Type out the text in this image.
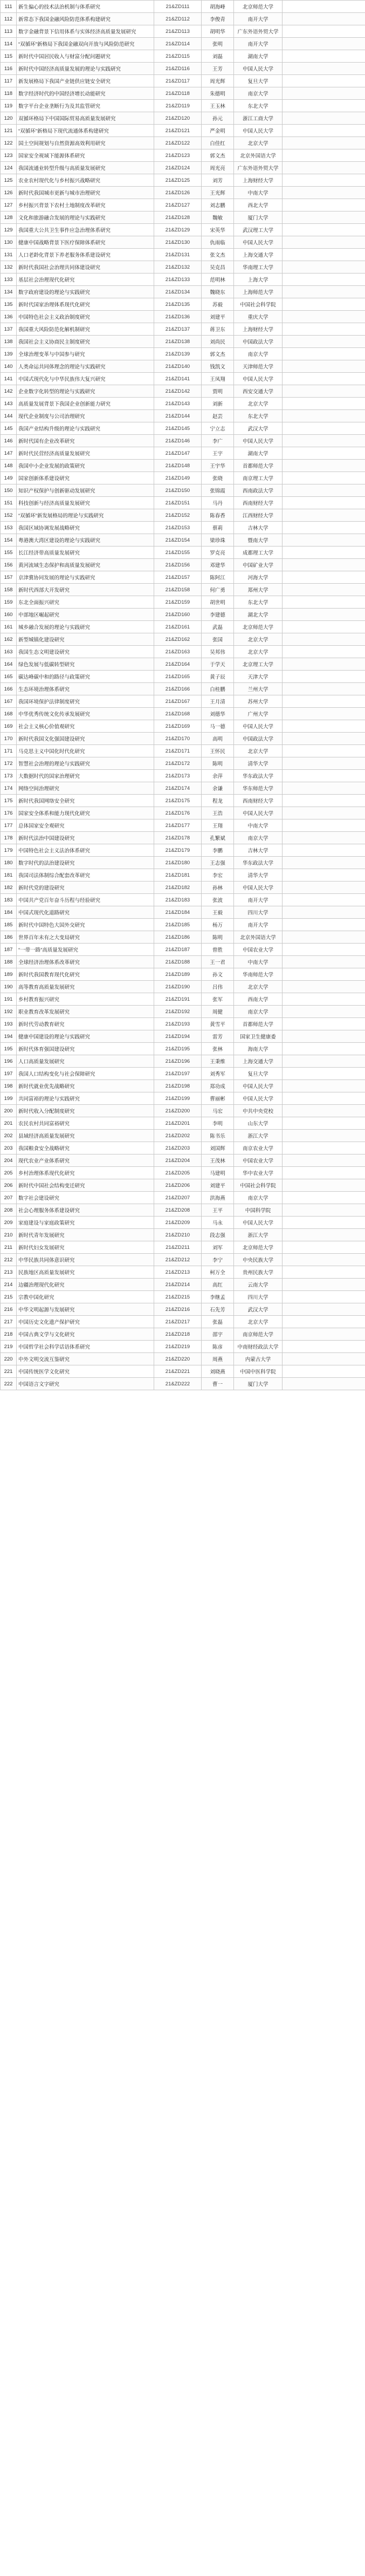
111	新生偏心的技术法治机制与体系研究	21&ZD111	胡海峰	北京师范大学	
112	新常态下我国金融风险防范体系构建研究	21&ZD112	李俊青	南开大学	
113	数字金融背景下信用体系与实体经济高质量发展研究	21&ZD113	胡明华	广东外语外贸大学	
114	“双循环”新格局下我国金融双向开放与风险防范研究	21&ZD114	张明	南开大学	
115	新时代中国居民收入与财富分配问题研究	21&ZD115	刘磊	湖南大学	
116	新时代中国经济高质量发展的理论与实践研究	21&ZD116	王芳	中国人民大学	
117	新发展格局下我国产业链供应链安全研究	21&ZD117	周光辉	复旦大学	
118	数字经济时代的中国经济增长动能研究	21&ZD118	朱德明	南京大学	
119	数字平台企业垄断行为及其监管研究	21&ZD119	王玉林	东北大学	
120	双循环格局下中国国际贸易高质量发展研究	21&ZD120	孙元	浙江工商大学	
121	“双循环”新格局下现代流通体系构建研究	21&ZD121	严金明	中国人民大学	
122	国土空间规划与自然资源高效利用研究	21&ZD122	白佳红	北京大学	
123	国家安全视域下能源体系研究	21&ZD123	郭文杰	北京外国语大学	
124	我国流通业转型升级与高质量发展研究	21&ZD124	周光亮	广东外语外贸大学	
125	农业农村现代化与乡村振兴战略研究	21&ZD125	刘芳	上海财经大学	
126	新时代我国城市更新与城市治理研究	21&ZD126	王光辉	中南大学	
127	乡村振兴背景下农村土地制度改革研究	21&ZD127	刘志鹏	西北大学	
128	文化和旅游融合发展的理论与实践研究	21&ZD128	魏敏	厦门大学	
129	我国重大公共卫生事件应急治理体系研究	21&ZD129	宋英华	武汉理工大学	
130	健康中国战略背景下医疗保障体系研究	21&ZD130	仇雨临	中国人民大学	
131	人口老龄化背景下养老服务体系建设研究	21&ZD131	张文杰	上海交通大学	
132	新时代我国社会治理共同体建设研究	21&ZD132	吴克昌	华南理工大学	
133	基层社会治理现代化研究	21&ZD133	范明林	上海大学	
134	数字政府建设的理论与实践研究	21&ZD134	魏晓东	上海师范大学	
135	新时代国家治理体系现代化研究	21&ZD135	苏毅	中国社会科学院	
136	中国特色社会主义政治制度研究	21&ZD136	刘建平	重庆大学	
137	我国重大风险防范化解机制研究	21&ZD137	蒋卫东	上海财经大学	
138	我国社会主义协商民主制度研究	21&ZD138	刘尚民	中国政法大学	
139	全球治理变革与中国参与研究	21&ZD139	郭文杰	南京大学	
140	人类命运共同体理念的理论与实践研究	21&ZD140	钱凯文	天津师范大学	
141	中国式现代化与中华民族伟大复兴研究	21&ZD141	王凤翔	中国人民大学	
142	企业数字化转型的理论与实践研究	21&ZD142	贾明	西安交通大学	
143	高质量发展背景下我国企业创新能力研究	21&ZD143	刘新	北京大学	
144	现代企业制度与公司治理研究	21&ZD144	赵芸	东北大学	
145	我国产业结构升级的理论与实践研究	21&ZD145	宁立志	武汉大学	
146	新时代国有企业改革研究	21&ZD146	李广	中国人民大学	
147	新时代民营经济高质量发展研究	21&ZD147	王宇	湖南大学	
148	我国中小企业发展的政策研究	21&ZD148	王宇华	首都师范大学	
149	国家创新体系建设研究	21&ZD149	张晓	南京理工大学	
150	知识产权保护与创新驱动发展研究	21&ZD150	张锦霞	西南政法大学	
151	科技创新与经济高质量发展研究	21&ZD151	马丹	西南财经大学	
152	“双循环”新发展格局的理论与实践研究	21&ZD152	陈春香	江西财经大学	
153	我国区域协调发展战略研究	21&ZD153	蔡莉	吉林大学	
154	粤港澳大湾区建设的理论与实践研究	21&ZD154	梁珍珠	暨南大学	
155	长江经济带高质量发展研究	21&ZD155	罗克亮	成都理工大学	
156	黄河流域生态保护和高质量发展研究	21&ZD156	邓建华	中国矿业大学	
157	京津冀协同发展的理论与实践研究	21&ZD157	陈阿江	河海大学	
158	新时代西部大开发研究	21&ZD158	何广勇	郑州大学	
159	东北全面振兴研究	21&ZD159	胡世明	东北大学	
160	中部地区崛起研究	21&ZD160	李建德	湖北大学	
161	城乡融合发展的理论与实践研究	21&ZD161	武磊	北京师范大学	
162	新型城镇化建设研究	21&ZD162	张国	北京大学	
163	我国生态文明建设研究	21&ZD163	吴邦伟	北京大学	
164	绿色发展与低碳转型研究	21&ZD164	于学天	北京理工大学	
165	碳达峰碳中和的路径与政策研究	21&ZD165	黄子辰	天津大学	
166	生态环境治理体系研究	21&ZD166	白桂鹏	兰州大学	
167	我国环境保护法律制度研究	21&ZD167	王月清	苏州大学	
168	中华优秀传统文化传承发展研究	21&ZD168	刘德华	广州大学	
169	社会主义核心价值观研究	21&ZD169	马一德	中国人民大学	
170	新时代我国文化强国建设研究	21&ZD170	高明	中国政法大学	
171	马克思主义中国化时代化研究	21&ZD171	王怀民	北京大学	
172	智慧社会治理的理论与实践研究	21&ZD172	陈明	清华大学	
173	大数据时代的国家治理研究	21&ZD173	余萍	华东政法大学	
174	网络空间治理研究	21&ZD174	余谦	华东师范大学	
175	新时代我国网络安全研究	21&ZD175	程龙	西南财经大学	
176	国家安全体系和能力现代化研究	21&ZD176	王浩	中国人民大学	
177	总体国家安全观研究	21&ZD177	王翔	中南大学	
178	新时代法治中国建设研究	21&ZD178	孔繁斌	南京大学	
179	中国特色社会主义法治体系研究	21&ZD179	李鹏	吉林大学	
180	数字时代的法治建设研究	21&ZD180	王志强	华东政法大学	
181	我国司法体制综合配套改革研究	21&ZD181	李宏	清华大学	
182	新时代党的建设研究	21&ZD182	孙林	中国人民大学	
183	中国共产党百年奋斗历程与经验研究	21&ZD183	张波	南开大学	
184	中国式现代化道路研究	21&ZD184	王毅	四川大学	
185	新时代中国特色大国外交研究	21&ZD185	杨万	南开大学	
186	世界百年未有之大变局研究	21&ZD186	陈明	北京外国语大学	
187	“一带一路”高质量发展研究	21&ZD187	曾胜	中国农业大学	
188	全球经济治理体系改革研究	21&ZD188	王一君	中南大学	
189	新时代我国教育现代化研究	21&ZD189	孙文	华南师范大学	
190	高等教育高质量发展研究	21&ZD190	吕伟	北京大学	
191	乡村教育振兴研究	21&ZD191	张军	西南大学	
192	职业教育改革发展研究	21&ZD192	周健	南京大学	
193	新时代劳动教育研究	21&ZD193	黄雪平	首都师范大学	
194	健康中国建设的理论与实践研究	21&ZD194	雷芳	国家卫生健康委	
195	新时代体育强国建设研究	21&ZD195	张林	海南大学	
196	人口高质量发展研究	21&ZD196	王秉维	上海交通大学	
197	我国人口结构变化与社会保障研究	21&ZD197	刘秀军	复旦大学	
198	新时代就业优先战略研究	21&ZD198	郑功成	中国人民大学	
199	共同富裕的理论与实践研究	21&ZD199	曹丽彬	中国人民大学	
200	新时代收入分配制度研究	21&ZD200	马宏	中共中央党校	
201	农民农村共同富裕研究	21&ZD201	李明	山东大学	
202	县域经济高质量发展研究	21&ZD202	陈书乐	浙江大学	
203	我国粮食安全战略研究	21&ZD203	刘国辉	南京农业大学	
204	现代农业产业体系研究	21&ZD204	王茂林	中国农业大学	
205	乡村治理体系现代化研究	21&ZD205	马建明	华中农业大学	
206	新时代中国社会结构变迁研究	21&ZD206	刘建平	中国社会科学院	
207	数字社会建设研究	21&ZD207	洪海燕	南京大学	
208	社会心理服务体系建设研究	21&ZD208	王平	中国科学院	
209	家庭建设与家庭政策研究	21&ZD209	马永	中国人民大学	
210	新时代青年发展研究	21&ZD210	段志强	浙江大学	
211	新时代妇女发展研究	21&ZD211	刘军	北京师范大学	
212	中华民族共同体意识研究	21&ZD212	李宁	中央民族大学	
213	民族地区高质量发展研究	21&ZD213	柯万全	贵州民族大学	
214	边疆治理现代化研究	21&ZD214	高红	云南大学	
215	宗教中国化研究	21&ZD215	李继孟	四川大学	
216	中华文明起源与发展研究	21&ZD216	石先芳	武汉大学	
217	中国历史文化遗产保护研究	21&ZD217	张磊	北京大学	
218	中国古典文学与文化研究	21&ZD218	邵宇	南京师范大学	
219	中国哲学社会科学话语体系研究	21&ZD219	陈彦	中南财经政法大学	
220	中外文明交流互鉴研究	21&ZD220	周燕	内蒙古大学	
221	中国传统医学文化研究	21&ZD221	刘晓燕	中国中医科学院	
222	中国语言文字研究	21&ZD222	曹一	厦门大学	
